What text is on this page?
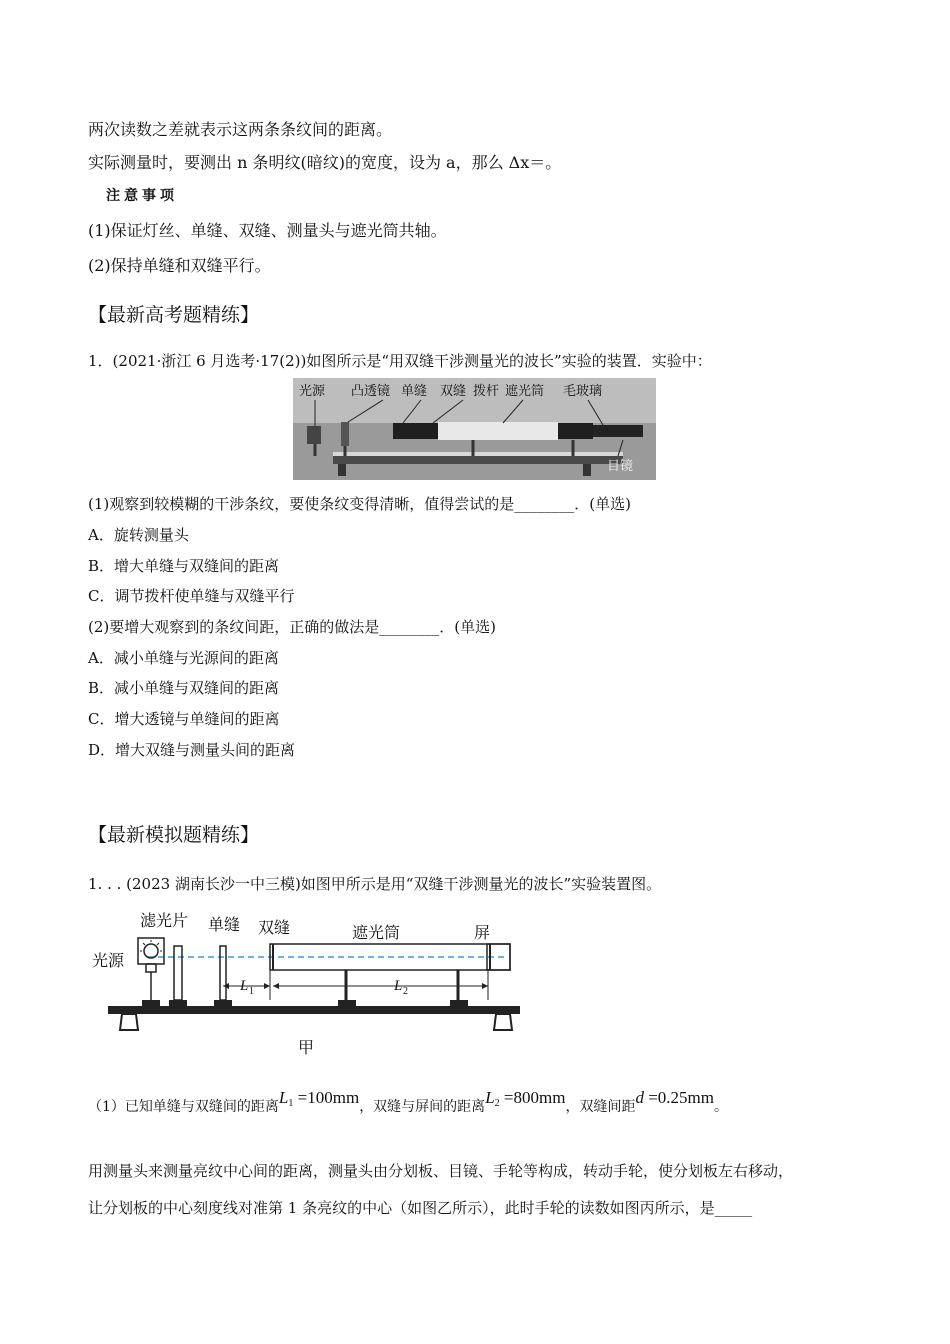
两次读数之差就表示这两条条纹间的距离。
实际测量时，要测出 n 条明纹(暗纹)的宽度，设为 a，那么 Δx＝。
注意事项
(1)保证灯丝、单缝、双缝、测量头与遮光筒共轴。
(2)保持单缝和双缝平行。
【最新高考题精练】
1．(2021·浙江 6 月选考·17(2))如图所示是“用双缝干涉测量光的波长”实验的装置．实验中：
光源 凸透镜 单缝 双缝 拨杆 遮光筒 毛玻璃
目镜
(1)观察到较模糊的干涉条纹，要使条纹变得清晰，值得尝试的是________．(单选)
A．旋转测量头
B．增大单缝与双缝间的距离
C．调节拨杆使单缝与双缝平行
(2)要增大观察到的条纹间距，正确的做法是________．(单选)
A．减小单缝与光源间的距离
B．减小单缝与双缝间的距离
C．增大透镜与单缝间的距离
D．增大双缝与测量头间的距离
【最新模拟题精练】
1. . . (2023 湖南长沙一中三模)如图甲所示是用“双缝干涉测量光的波长”实验装置图。
滤光片 单缝 双缝	遮光筒	屏
光源
甲
L 1	L 2
（1）已知单缝与双缝间的距离$L_1 =100mm$，双缝与屏间的距离$L_2 =800mm$，双缝间距d =0.25mm。
用测量头来测量亮纹中心间的距离，测量头由分划板、目镜、手轮等构成，转动手轮，使分划板左右移动，
让分划板的中心刻度线对准第 1 条亮纹的中心（如图乙所示），此时手轮的读数如图丙所示，是_____
